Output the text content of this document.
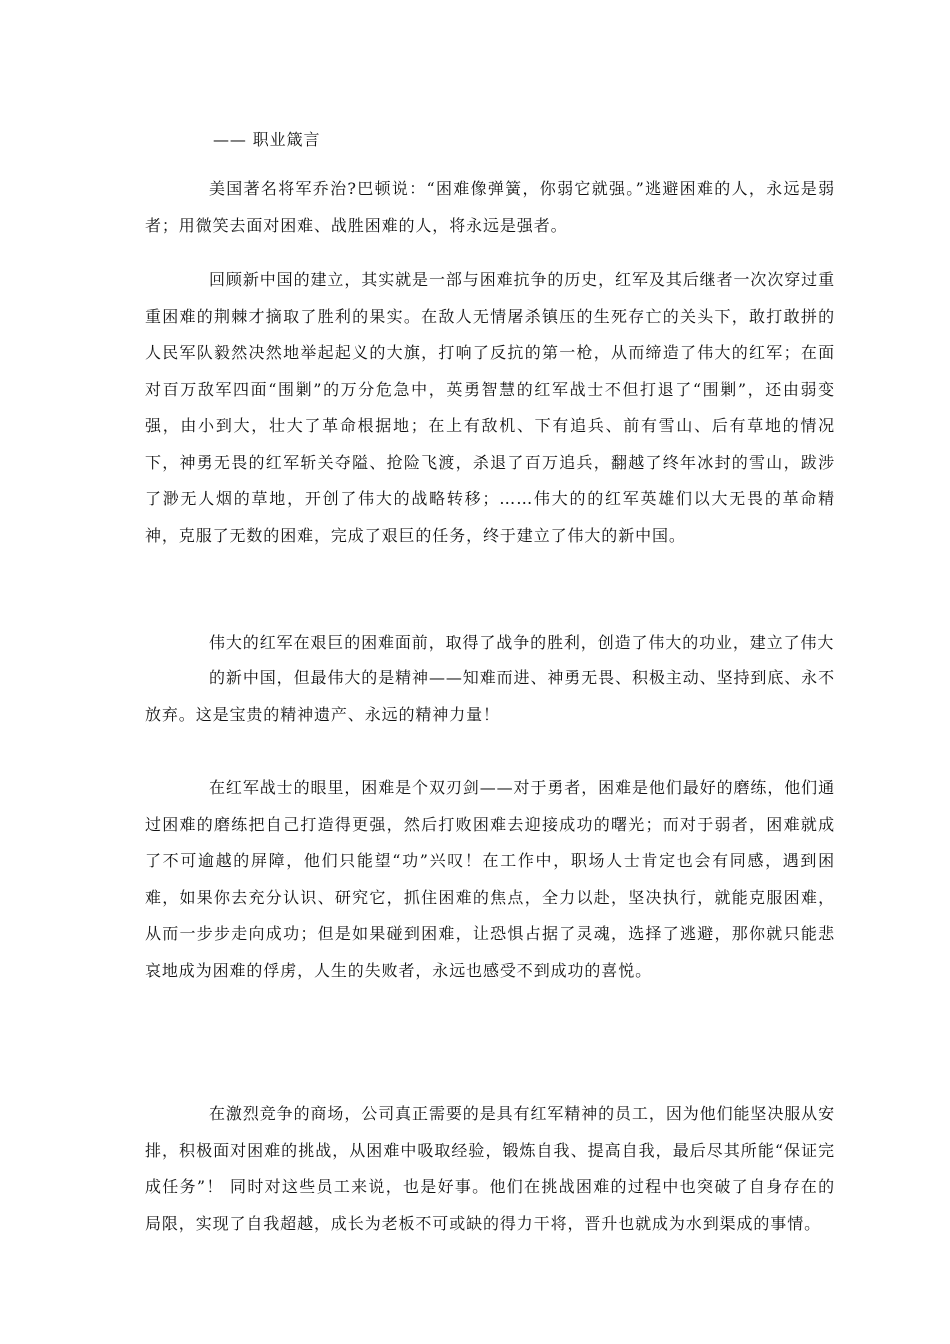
—— 职业箴言

美国著名将军乔治?巴顿说：“困难像弹簧，你弱它就强。”逃避困难的人，永远是弱者；用微笑去面对困难、战胜困难的人，将永远是强者。

回顾新中国的建立，其实就是一部与困难抗争的历史，红军及其后继者一次次穿过重重困难的荆棘才摘取了胜利的果实。在敌人无情屠杀镇压的生死存亡的关头下，敢打敢拼的人民军队毅然决然地举起起义的大旗，打响了反抗的第一枪，从而缔造了伟大的红军；在面对百万敌军四面“围剿”的万分危急中，英勇智慧的红军战士不但打退了“围剿”，还由弱变强，由小到大，壮大了革命根据地；在上有敌机、下有追兵、前有雪山、后有草地的情况下，神勇无畏的红军斩关夺隘、抢险飞渡，杀退了百万追兵，翻越了终年冰封的雪山，跋涉了渺无人烟的草地，开创了伟大的战略转移；……伟大的的红军英雄们以大无畏的革命精神，克服了无数的困难，完成了艰巨的任务，终于建立了伟大的新中国。

伟大的红军在艰巨的困难面前，取得了战争的胜利，创造了伟大的功业，建立了伟大

的新中国，但最伟大的是精神——知难而进、神勇无畏、积极主动、坚持到底、永不放弃。这是宝贵的精神遗产、永远的精神力量！

在红军战士的眼里，困难是个双刃剑——对于勇者，困难是他们最好的磨练，他们通过困难的磨练把自己打造得更强，然后打败困难去迎接成功的曙光；而对于弱者，困难就成了不可逾越的屏障，他们只能望“功”兴叹！在工作中，职场人士肯定也会有同感，遇到困难，如果你去充分认识、研究它，抓住困难的焦点，全力以赴，坚决执行，就能克服困难，从而一步步走向成功；但是如果碰到困难，让恐惧占据了灵魂，选择了逃避，那你就只能悲哀地成为困难的俘虏，人生的失败者，永远也感受不到成功的喜悦。

在激烈竞争的商场，公司真正需要的是具有红军精神的员工，因为他们能坚决服从安排，积极面对困难的挑战，从困难中吸取经验，锻炼自我、提高自我，最后尽其所能“保证完成任务”！ 同时对这些员工来说，也是好事。他们在挑战困难的过程中也突破了自身存在的局限，实现了自我超越，成长为老板不可或缺的得力干将，晋升也就成为水到渠成的事情。
